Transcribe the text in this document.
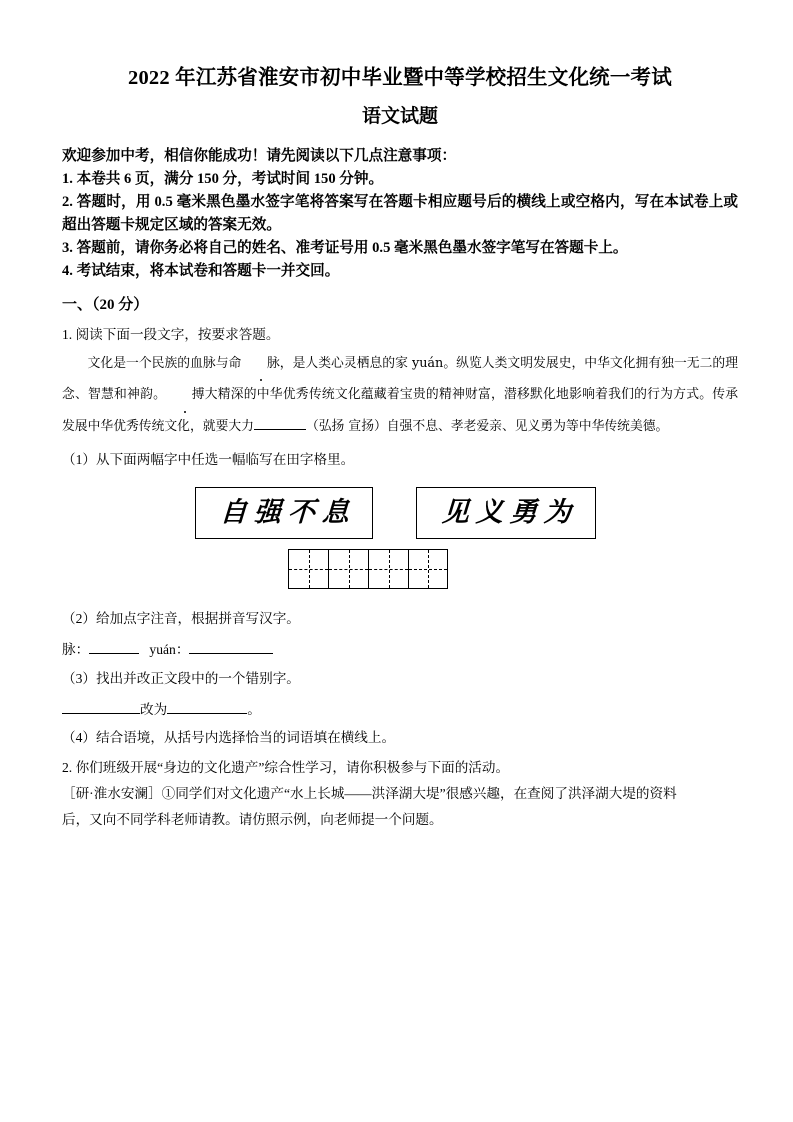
2022 年江苏省淮安市初中毕业暨中等学校招生文化统一考试
语文试题

欢迎参加中考，相信你能成功！请先阅读以下几点注意事项：

1. 本卷共 6 页，满分 150 分，考试时间 150 分钟。

2. 答题时，用 0.5 毫米黑色墨水签字笔将答案写在答题卡相应题号后的横线上或空格内，写在本试卷上或超出答题卡规定区域的答案无效。

3. 答题前，请你务必将自己的姓名、准考证号用 0.5 毫米黑色墨水签字笔写在答题卡上。

4. 考试结束，将本试卷和答题卡一并交回。

一、（20 分）
1. 阅读下面一段文字，按要求答题。
文化是一个民族的血脉与命 脉，是人类心灵栖息的家 yuán。纵览人类文明发展史，中华文化拥有独一无二的理念、智慧和神韵。 搏大精深的中华优秀传统文化蕴藏着宝贵的精神财富，潜移默化地影响着我们的行为方式。传承发展中华优秀传统文化，就要大力	（弘扬 宣扬）自强不息、孝老爱亲、见义勇为等中华传统美德。
（1）从下面两幅字中任选一幅临写在田字格里。
自强不息	见义勇为
（2）给加点字注音，根据拼音写汉字。
脉：	yuán：
（3）找出并改正文段中的一个错别字。
改为	。
（4）结合语境，从括号内选择恰当的词语填在横线上。
2. 你们班级开展“身边的文化遗产”综合性学习，请你积极参与下面的活动。
［研·淮水安澜］①同学们对文化遗产“水上长城——洪泽湖大堤”很感兴趣，在查阅了洪泽湖大堤的资料
后，又向不同学科老师请教。请仿照示例，向老师提一个问题。
